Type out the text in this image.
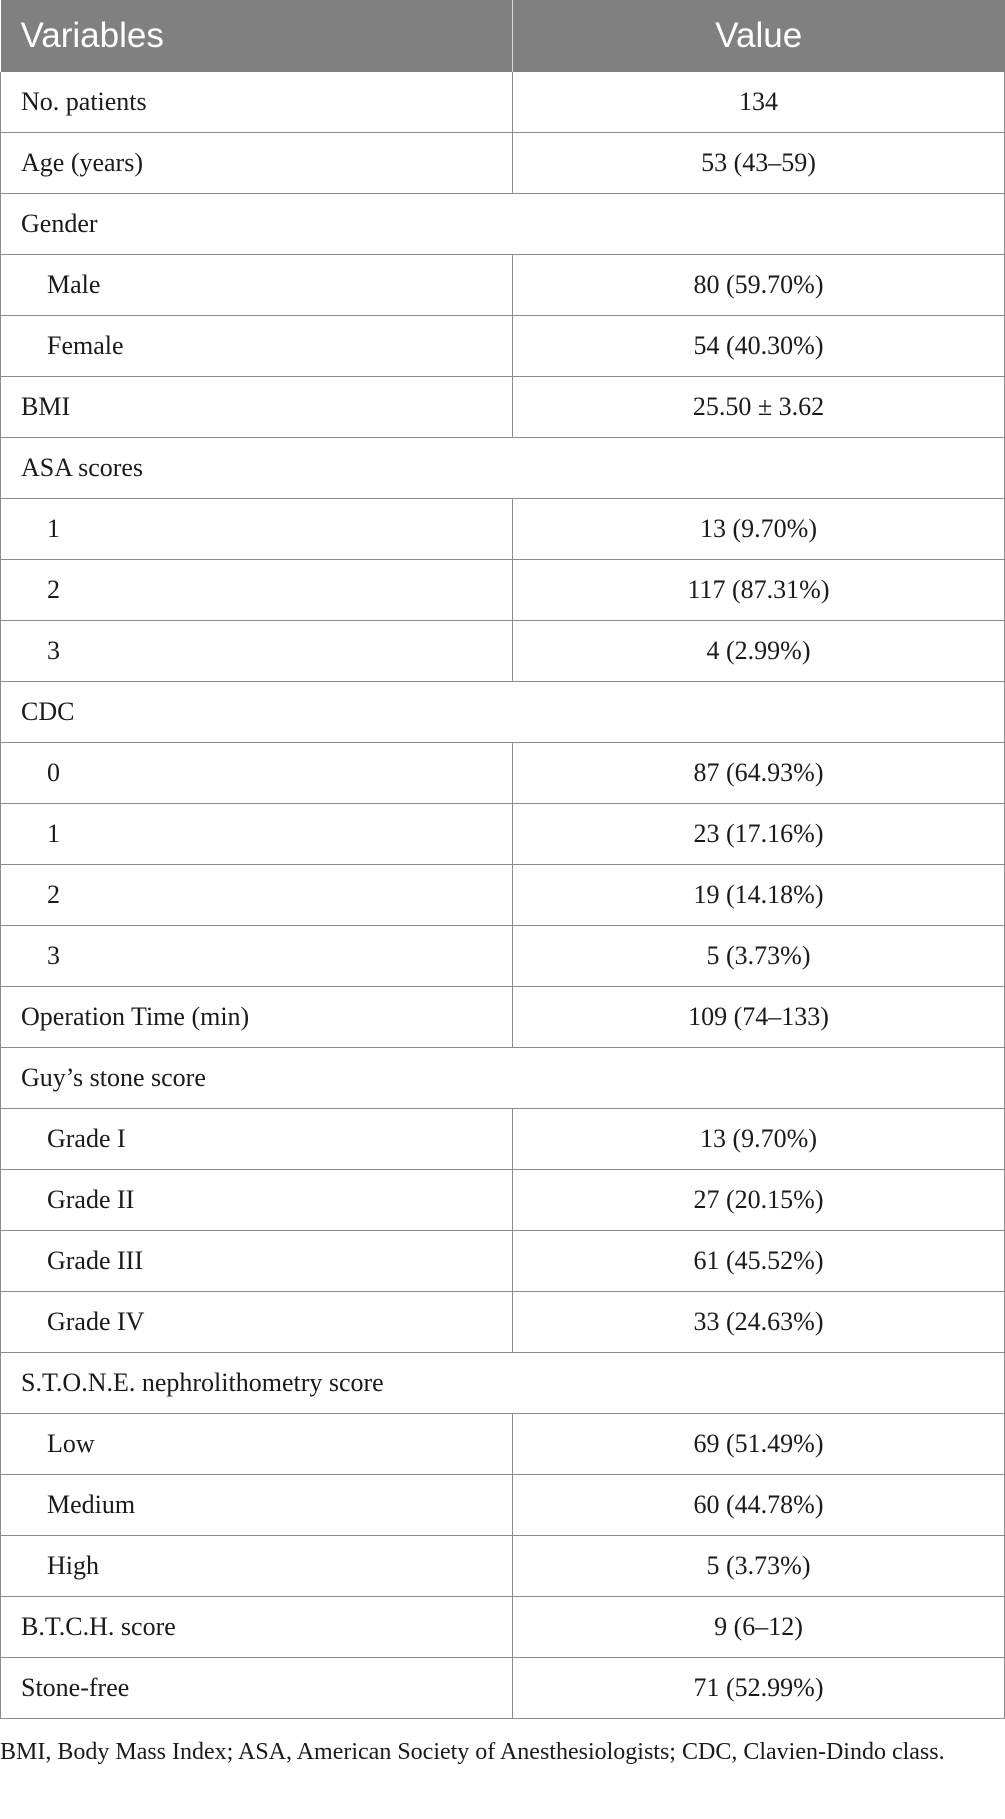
Variables	Value
No. patients	134
Age (years)	53 (43–59)
Gender	
Male	80 (59.70%)
Female	54 (40.30%)
BMI	25.50 ± 3.62
ASA scores	
1	13 (9.70%)
2	117 (87.31%)
3	4 (2.99%)
CDC	
0	87 (64.93%)
1	23 (17.16%)
2	19 (14.18%)
3	5 (3.73%)
Operation Time (min)	109 (74–133)
Guy’s stone score	
Grade I	13 (9.70%)
Grade II	27 (20.15%)
Grade III	61 (45.52%)
Grade IV	33 (24.63%)
S.T.O.N.E. nephrolithometry score	
Low	69 (51.49%)
Medium	60 (44.78%)
High	5 (3.73%)
B.T.C.H. score	9 (6–12)
Stone-free	71 (52.99%)
BMI, Body Mass Index; ASA, American Society of Anesthesiologists; CDC, Clavien-Dindo class.
